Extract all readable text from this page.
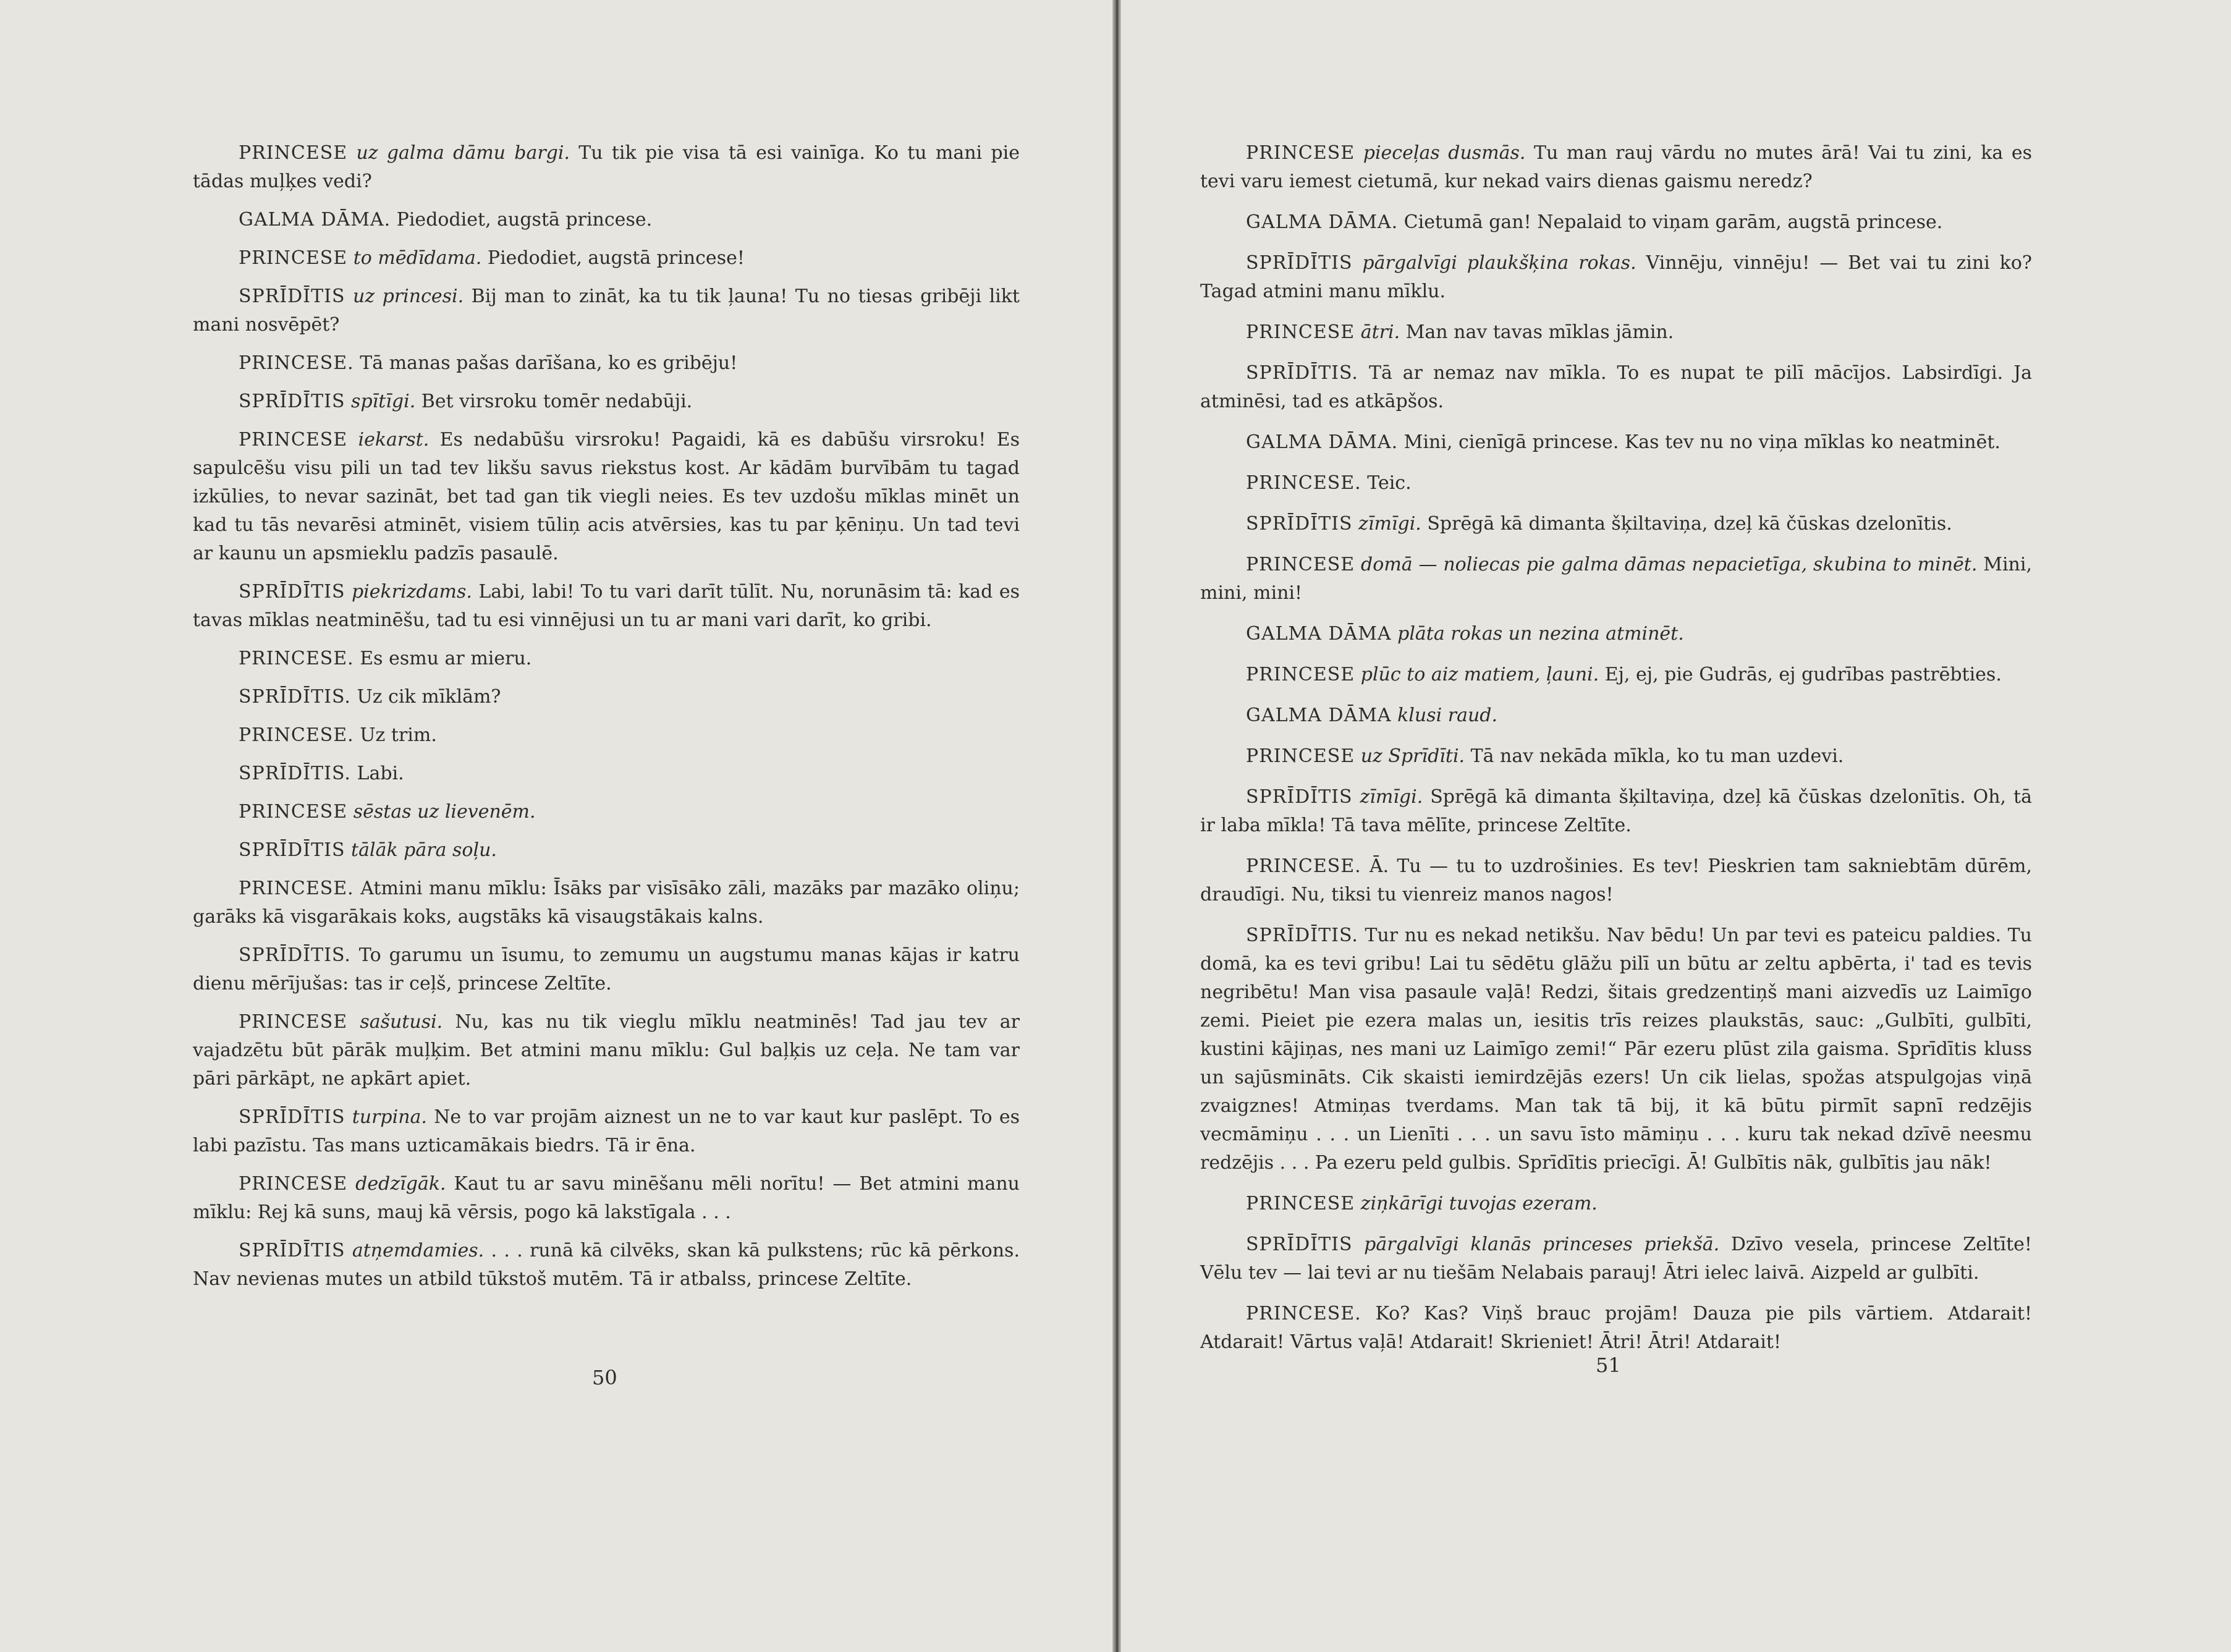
PRINCESE uz galma dāmu bargi. Tu tik pie visa tā esi vainīga. Ko tu mani pie tādas muļķes vedi?

GALMA DĀMA. Piedodiet, augstā princese.

PRINCESE to mēdīdama. Piedodiet, augstā princese!

SPRĪDĪTIS uz princesi. Bij man to zināt, ka tu tik ļauna! Tu no tiesas gribēji likt mani nosvēpēt?

PRINCESE. Tā manas pašas darīšana, ko es gribēju!

SPRĪDĪTIS spītīgi. Bet virsroku tomēr nedabūji.

PRINCESE iekarst. Es nedabūšu virsroku! Pagaidi, kā es dabūšu virsroku! Es sapulcēšu visu pili un tad tev likšu savus riekstus kost. Ar kādām burvībām tu tagad izkūlies, to nevar sazināt, bet tad gan tik viegli neies. Es tev uzdošu mīklas minēt un kad tu tās nevarēsi atminēt, visiem tūliņ acis atvērsies, kas tu par ķēniņu. Un tad tevi ar kaunu un apsmieklu padzīs pasaulē.

SPRĪDĪTIS piekrizdams. Labi, labi! To tu vari darīt tūlīt. Nu, norunāsim tā: kad es tavas mīklas neatminēšu, tad tu esi vinnējusi un tu ar mani vari darīt, ko gribi.

PRINCESE. Es esmu ar mieru.

SPRĪDĪTIS. Uz cik mīklām?

PRINCESE. Uz trim.

SPRĪDĪTIS. Labi.

PRINCESE sēstas uz lievenēm.

SPRĪDĪTIS tālāk pāra soļu.

PRINCESE. Atmini manu mīklu: Īsāks par visīsāko zāli, mazāks par mazāko oliņu; garāks kā visgarākais koks, augstāks kā visaugstākais kalns.

SPRĪDĪTIS. To garumu un īsumu, to zemumu un augstumu manas kājas ir katru dienu mērījušas: tas ir ceļš, princese Zeltīte.

PRINCESE sašutusi. Nu, kas nu tik vieglu mīklu neatminēs! Tad jau tev ar vajadzētu būt pārāk muļķim. Bet atmini manu mīklu: Gul baļķis uz ceļa. Ne tam var pāri pārkāpt, ne apkārt apiet.

SPRĪDĪTIS turpina. Ne to var projām aiznest un ne to var kaut kur paslēpt. To es labi pazīstu. Tas mans uzticamākais biedrs. Tā ir ēna.

PRINCESE dedzīgāk. Kaut tu ar savu minēšanu mēli norītu! — Bet atmini manu mīklu: Rej kā suns, mauj kā vērsis, pogo kā lakstīgala . . .

SPRĪDĪTIS atņemdamies. . . . runā kā cilvēks, skan kā pulkstens; rūc kā pērkons. Nav nevienas mutes un atbild tūkstoš mutēm. Tā ir atbalss, princese Zeltīte.

50

PRINCESE pieceļas dusmās. Tu man rauj vārdu no mutes ārā! Vai tu zini, ka es tevi varu iemest cietumā, kur nekad vairs dienas gaismu neredz?

GALMA DĀMA. Cietumā gan! Nepalaid to viņam garām, augstā princese.

SPRĪDĪTIS pārgalvīgi plaukšķina rokas. Vinnēju, vinnēju! — Bet vai tu zini ko? Tagad atmini manu mīklu.

PRINCESE ātri. Man nav tavas mīklas jāmin.

SPRĪDĪTIS. Tā ar nemaz nav mīkla. To es nupat te pilī mācījos. Labsirdīgi. Ja atminēsi, tad es atkāpšos.

GALMA DĀMA. Mini, cienīgā princese. Kas tev nu no viņa mīklas ko neatminēt.

PRINCESE. Teic.

SPRĪDĪTIS zīmīgi. Sprēgā kā dimanta šķiltaviņa, dzeļ kā čūskas dzelonītis.

PRINCESE domā — noliecas pie galma dāmas nepacietīga, skubina to minēt. Mini, mini, mini!

GALMA DĀMA plāta rokas un nezina atminēt.

PRINCESE plūc to aiz matiem, ļauni. Ej, ej, pie Gudrās, ej gudrības pastrēbties.

GALMA DĀMA klusi raud.

PRINCESE uz Sprīdīti. Tā nav nekāda mīkla, ko tu man uzdevi.

SPRĪDĪTIS zīmīgi. Sprēgā kā dimanta šķiltaviņa, dzeļ kā čūskas dzelonītis. Oh, tā ir laba mīkla! Tā tava mēlīte, princese Zeltīte.

PRINCESE. Ā. Tu — tu to uzdrošinies. Es tev! Pieskrien tam sakniebtām dūrēm, draudīgi. Nu, tiksi tu vienreiz manos nagos!

SPRĪDĪTIS. Tur nu es nekad netikšu. Nav bēdu! Un par tevi es pateicu paldies. Tu domā, ka es tevi gribu! Lai tu sēdētu glāžu pilī un būtu ar zeltu apbērta, i' tad es tevis negribētu! Man visa pasaule vaļā! Redzi, šitais gredzentiņš mani aizvedīs uz Laimīgo zemi. Pieiet pie ezera malas un, iesitis trīs reizes plaukstās, sauc: „Gulbīti, gulbīti, kustini kājiņas, nes mani uz Laimīgo zemi!“ Pār ezeru plūst zila gaisma. Sprīdītis kluss un sajūsmināts. Cik skaisti iemirdzējās ezers! Un cik lielas, spožas atspulgojas viņā zvaigznes! Atmiņas tverdams. Man tak tā bij, it kā būtu pirmīt sapnī redzējis vecmāmiņu . . . un Lienīti . . . un savu īsto māmiņu . . . kuru tak nekad dzīvē neesmu redzējis . . . Pa ezeru peld gulbis. Sprīdītis priecīgi. Ā! Gulbītis nāk, gulbītis jau nāk!

PRINCESE ziņkārīgi tuvojas ezeram.

SPRĪDĪTIS pārgalvīgi klanās princeses priekšā. Dzīvo vesela, princese Zeltīte! Vēlu tev — lai tevi ar nu tiešām Nelabais parauj! Ātri ielec laivā. Aizpeld ar gulbīti.

PRINCESE. Ko? Kas? Viņš brauc projām! Dauza pie pils vārtiem. Atdarait! Atdarait! Vārtus vaļā! Atdarait! Skrieniet! Ātri! Ātri! Atdarait!

51
